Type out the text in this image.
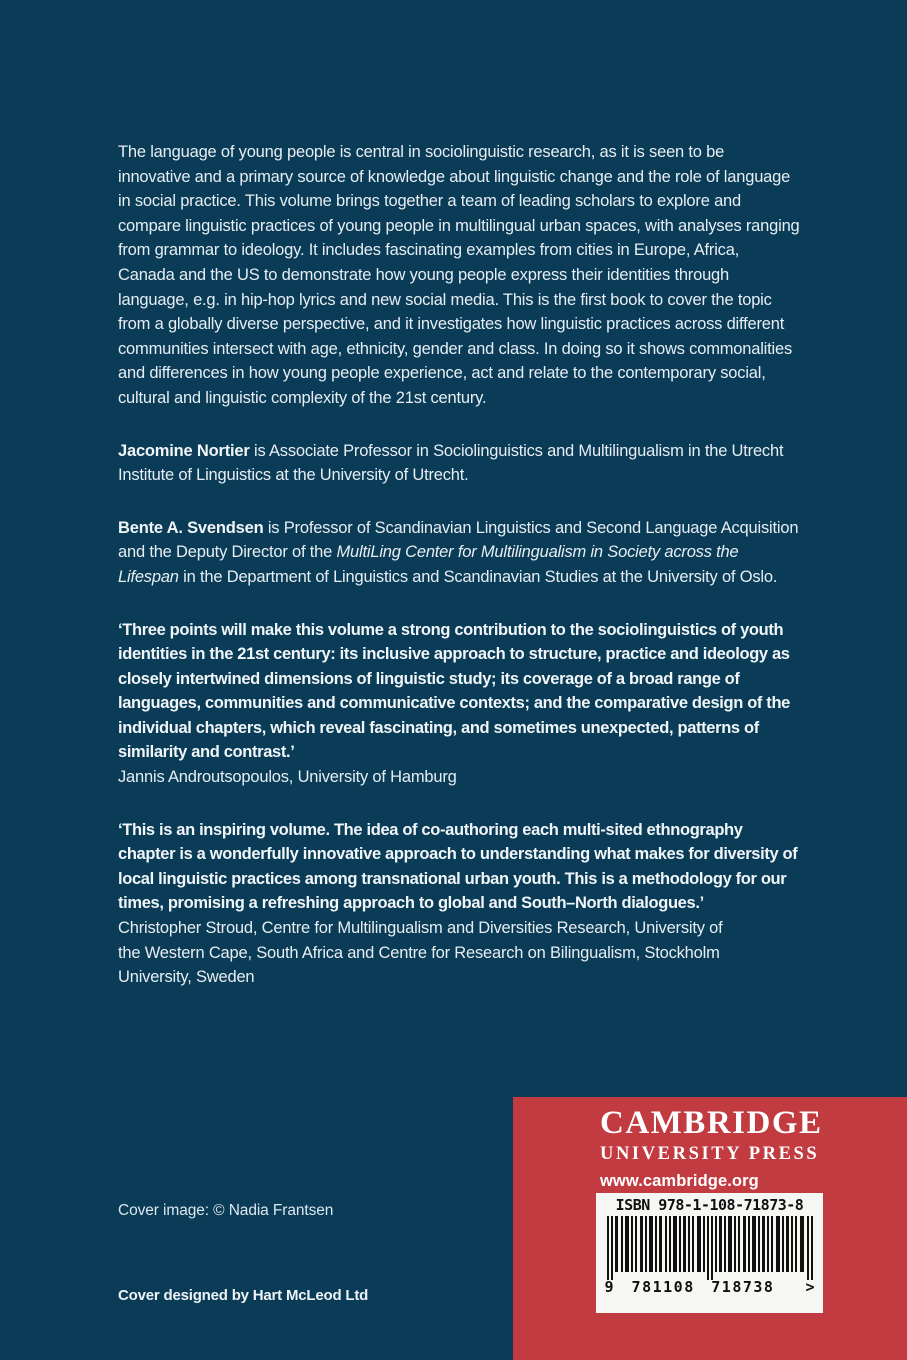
The language of young people is central in sociolinguistic research, as it is seen to be innovative and a primary source of knowledge about linguistic change and the role of language in social practice. This volume brings together a team of leading scholars to explore and compare linguistic practices of young people in multilingual urban spaces, with analyses ranging from grammar to ideology. It includes fascinating examples from cities in Europe, Africa, Canada and the US to demonstrate how young people express their identities through language, e.g. in hip-hop lyrics and new social media. This is the first book to cover the topic from a globally diverse perspective, and it investigates how linguistic practices across different communities intersect with age, ethnicity, gender and class. In doing so it shows commonalities and differences in how young people experience, act and relate to the contemporary social, cultural and linguistic complexity of the 21st century.

Jacomine Nortier is Associate Professor in Sociolinguistics and Multilingualism in the Utrecht Institute of Linguistics at the University of Utrecht.

Bente A. Svendsen is Professor of Scandinavian Linguistics and Second Language Acquisition and the Deputy Director of the MultiLing Center for Multilingualism in Society across the Lifespan in the Department of Linguistics and Scandinavian Studies at the University of Oslo.

‘Three points will make this volume a strong contribution to the sociolinguistics of youth identities in the 21st century: its inclusive approach to structure, practice and ideology as closely intertwined dimensions of linguistic study; its coverage of a broad range of languages, communities and communicative contexts; and the comparative design of the individual chapters, which reveal fascinating, and sometimes unexpected, patterns of similarity and contrast.’

Jannis Androutsopoulos, University of Hamburg

‘This is an inspiring volume. The idea of co-authoring each multi-sited ethnography chapter is a wonderfully innovative approach to understanding what makes for diversity of local linguistic practices among transnational urban youth. This is a methodology for our times, promising a refreshing approach to global and South–North dialogues.’

Christopher Stroud, Centre for Multilingualism and Diversities Research, University of the Western Cape, South Africa and Centre for Research on Bilingualism, Stockholm University, Sweden

Cover image: © Nadia Frantsen
Cover designed by Hart McLeod Ltd
CAMBRIDGE
UNIVERSITY PRESS
www.cambridge.org
ISBN 978-1-108-71873-8
9 781108 718738 >
